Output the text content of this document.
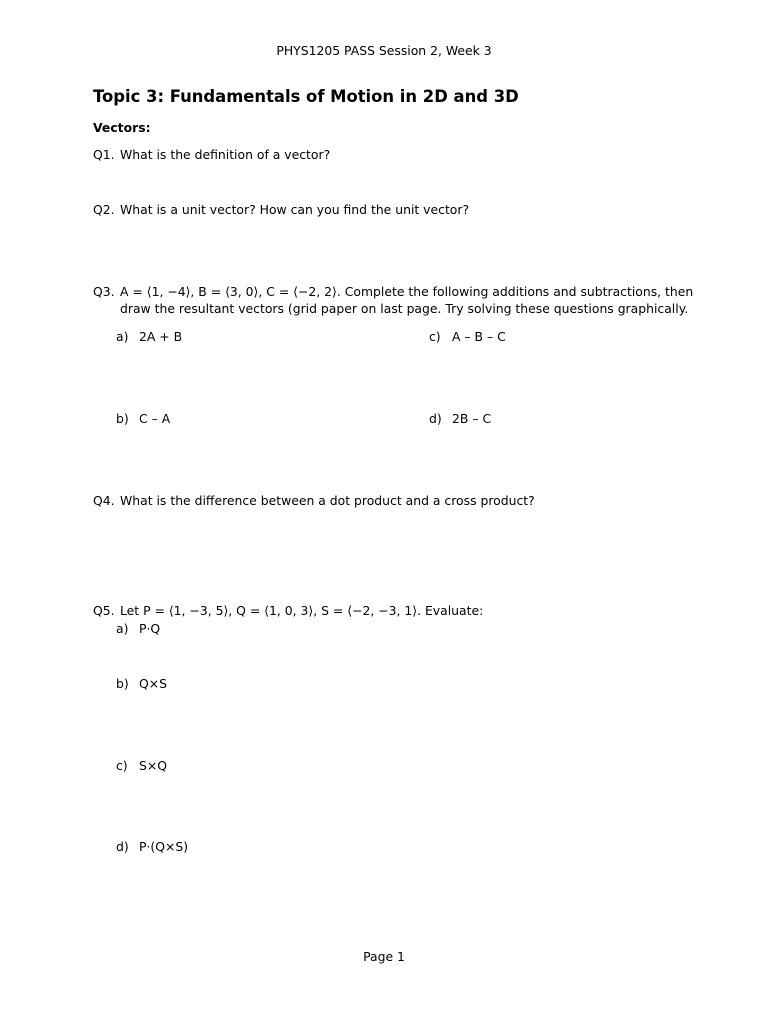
PHYS1205 PASS Session 2, Week 3
Topic 3: Fundamentals of Motion in 2D and 3D
Vectors:
Q1. What is the definition of a vector?
Q2. What is a unit vector? How can you find the unit vector?
Q3. A = ⟨1, −4⟩, B = ⟨3, 0⟩, C = ⟨−2, 2⟩. Complete the following additions and subtractions, then
draw the resultant vectors (grid paper on last page. Try solving these questions graphically.
a) 2A + B	c) A – B – C
b) C – A	d) 2B – C
Q4. What is the difference between a dot product and a cross product?
Q5. Let P = ⟨1, −3, 5⟩, Q = ⟨1, 0, 3⟩, S = ⟨−2, −3, 1⟩. Evaluate:
a) P·Q
b) Q×S
c) S×Q
d) P·(Q×S)
Page 1
